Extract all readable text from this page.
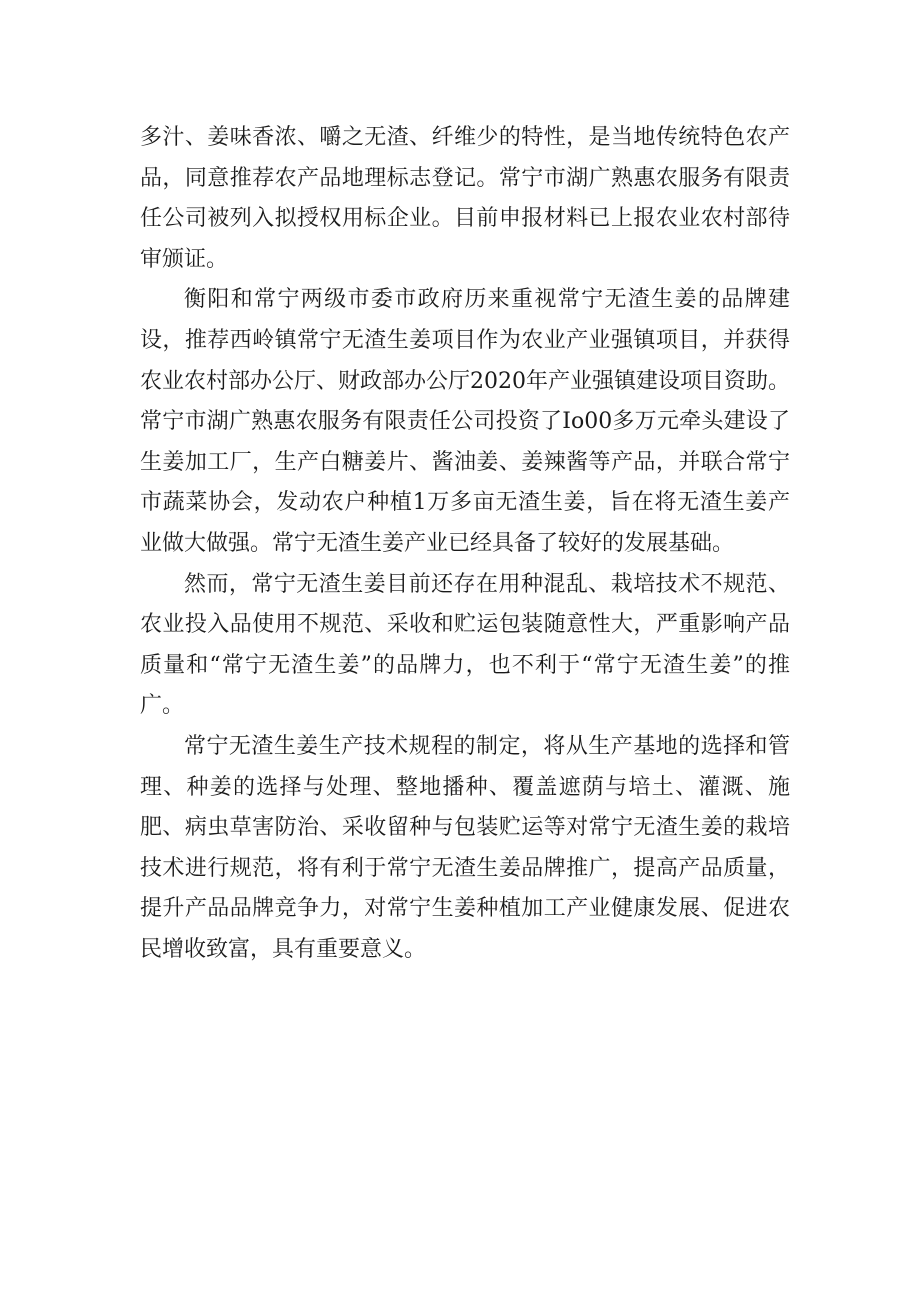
多汁、姜味香浓、嚼之无渣、纤维少的特性，是当地传统特色农产品，同意推荐农产品地理标志登记。常宁市湖广熟惠农服务有限责任公司被列入拟授权用标企业。目前申报材料已上报农业农村部待审颁证。

衡阳和常宁两级市委市政府历来重视常宁无渣生姜的品牌建设，推荐西岭镇常宁无渣生姜项目作为农业产业强镇项目，并获得农业农村部办公厅、财政部办公厅2020年产业强镇建设项目资助。常宁市湖广熟惠农服务有限责任公司投资了Io00多万元牵头建设了生姜加工厂，生产白糖姜片、酱油姜、姜辣酱等产品，并联合常宁市蔬菜协会，发动农户种植1万多亩无渣生姜，旨在将无渣生姜产业做大做强。常宁无渣生姜产业已经具备了较好的发展基础。

然而，常宁无渣生姜目前还存在用种混乱、栽培技术不规范、农业投入品使用不规范、采收和贮运包装随意性大，严重影响产品质量和“常宁无渣生姜”的品牌力，也不利于“常宁无渣生姜”的推广。

常宁无渣生姜生产技术规程的制定，将从生产基地的选择和管理、种姜的选择与处理、整地播种、覆盖遮荫与培土、灌溉、施肥、病虫草害防治、采收留种与包装贮运等对常宁无渣生姜的栽培技术进行规范，将有利于常宁无渣生姜品牌推广，提高产品质量，提升产品品牌竞争力，对常宁生姜种植加工产业健康发展、促进农民增收致富，具有重要意义。
